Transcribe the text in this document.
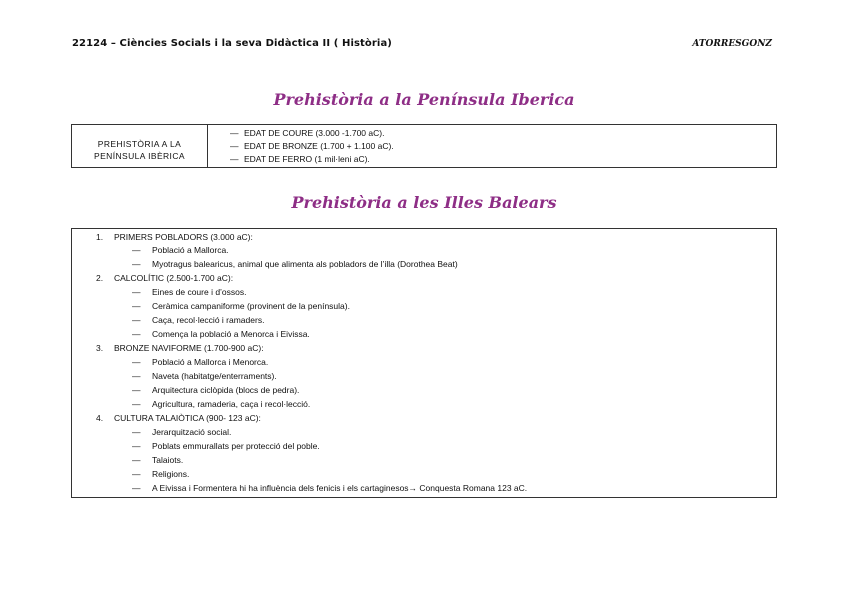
22124 – Ciències Socials i la seva Didàctica II ( Història)	ATORRESGONZ
Prehistòria a la Península Iberica
PREHISTÒRIA A LA
PENÍNSULA IBÈRICA

— EDAT DE COURE (3.000 -1.700 aC).
— EDAT DE BRONZE (1.700 + 1.100 aC).
— EDAT DE FERRO (1 mil·leni aC).
Prehistòria a les Illes Balears
1. PRIMERS POBLADORS (3.000 aC):
— Població a Mallorca.
— Myotragus balearicus, animal que alimenta als pobladors de l’illa (Dorothea Beat)
2. CALCOLÍTIC (2.500-1.700 aC):
— Eines de coure i d’ossos.
— Ceràmica campaniforme (provinent de la península).
— Caça, recol·lecció i ramaders.
— Comença la població a Menorca i Eivissa.
3. BRONZE NAVIFORME (1.700-900 aC):
— Població a Mallorca i Menorca.
— Naveta (habitatge/enterraments).
— Arquitectura ciclòpida (blocs de pedra).
— Agricultura, ramaderia, caça i recol·lecció.
4. CULTURA TALAIÒTICA (900- 123 aC):
— Jerarquització social.
— Poblats emmurallats per protecció del poble.
— Talaiots.
— Religions.
— A Eivissa i Formentera hi ha influència dels fenicis i els cartaginesos→ Conquesta Romana 123 aC.
